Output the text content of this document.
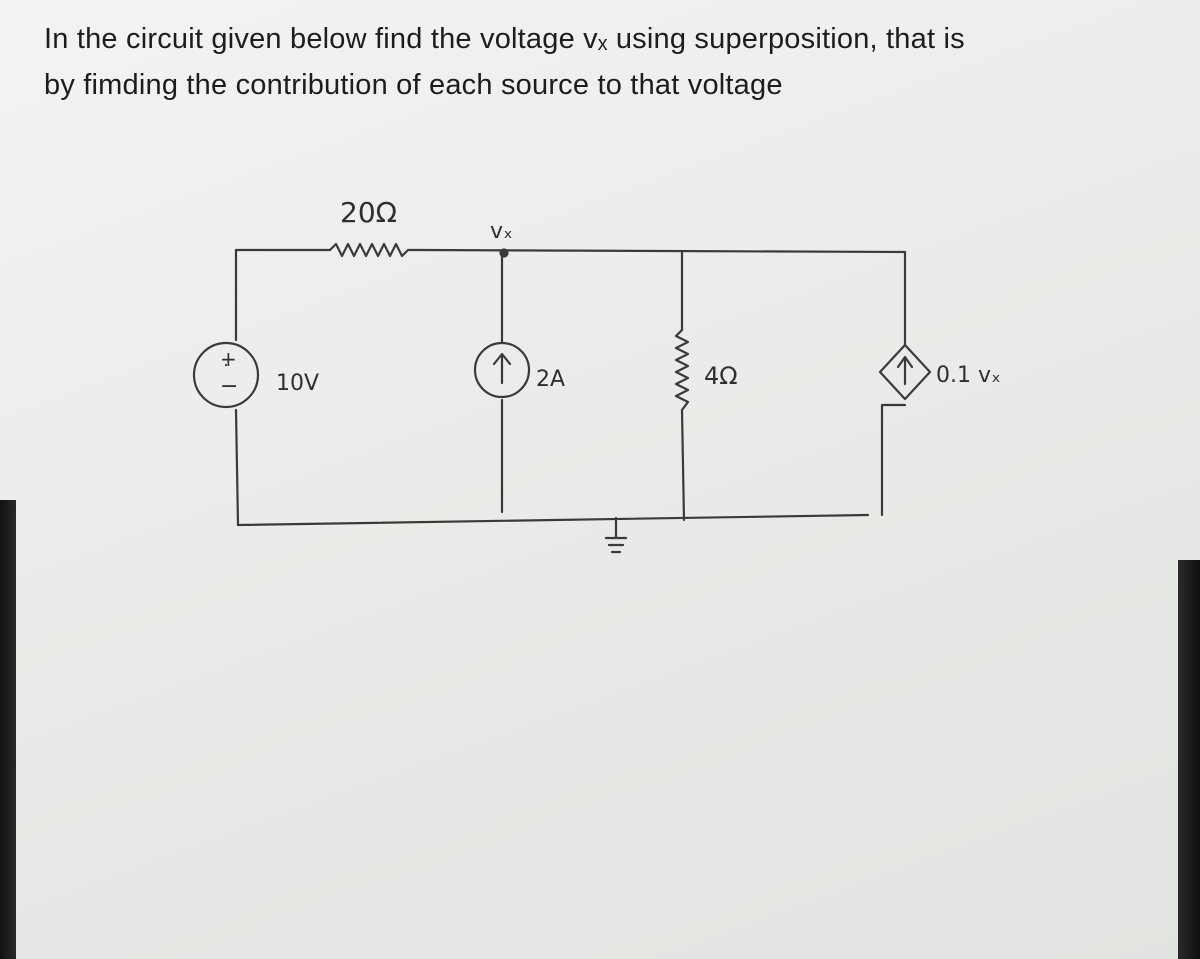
In the circuit given below find the voltage vₓ using superposition, that is
by fimding the contribution of each source to that voltage

+
−
20Ω
vₓ
10V	2A	4Ω	0.1 vₓ
